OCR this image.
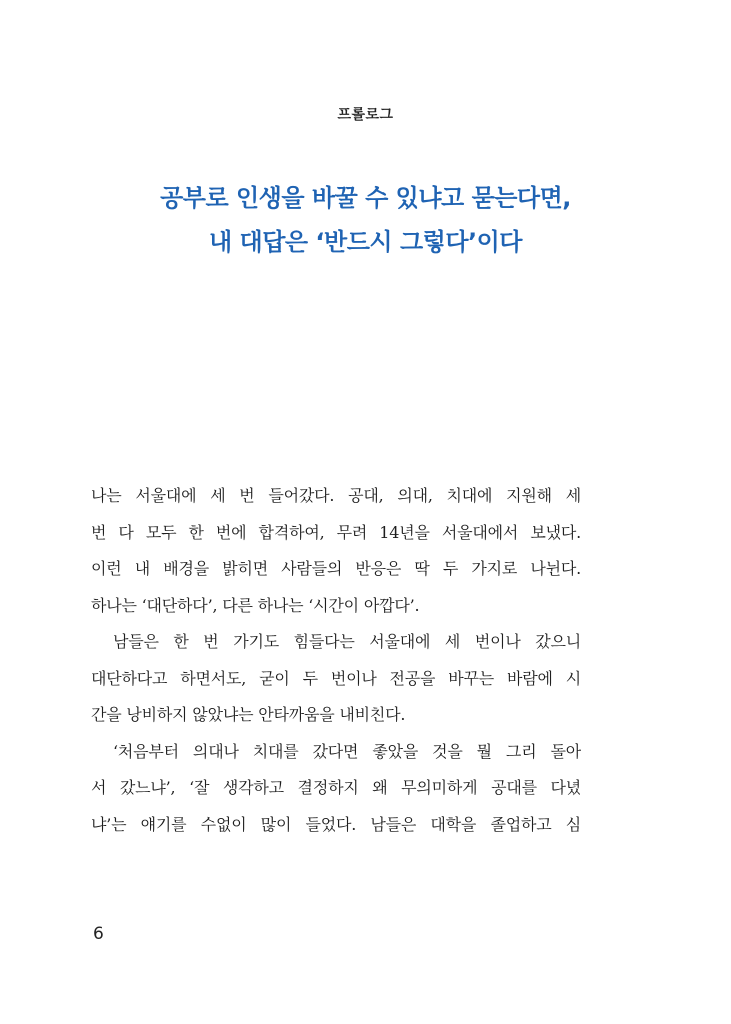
프롤로그
공부로 인생을 바꿀 수 있냐고 묻는다면,
내 대답은 ‘반드시 그렇다’이다
나는 서울대에 세 번 들어갔다. 공대, 의대, 치대에 지원해 세
번 다 모두 한 번에 합격하여, 무려 14년을 서울대에서 보냈다.
이런 내 배경을 밝히면 사람들의 반응은 딱 두 가지로 나뉜다.
하나는 ‘대단하다’, 다른 하나는 ‘시간이 아깝다’.
남들은 한 번 가기도 힘들다는 서울대에 세 번이나 갔으니
대단하다고 하면서도, 굳이 두 번이나 전공을 바꾸는 바람에 시
간을 낭비하지 않았냐는 안타까움을 내비친다.
‘처음부터 의대나 치대를 갔다면 좋았을 것을 뭘 그리 돌아
서 갔느냐’, ‘잘 생각하고 결정하지 왜 무의미하게 공대를 다녔
냐’는 얘기를 수없이 많이 들었다. 남들은 대학을 졸업하고 심
6
